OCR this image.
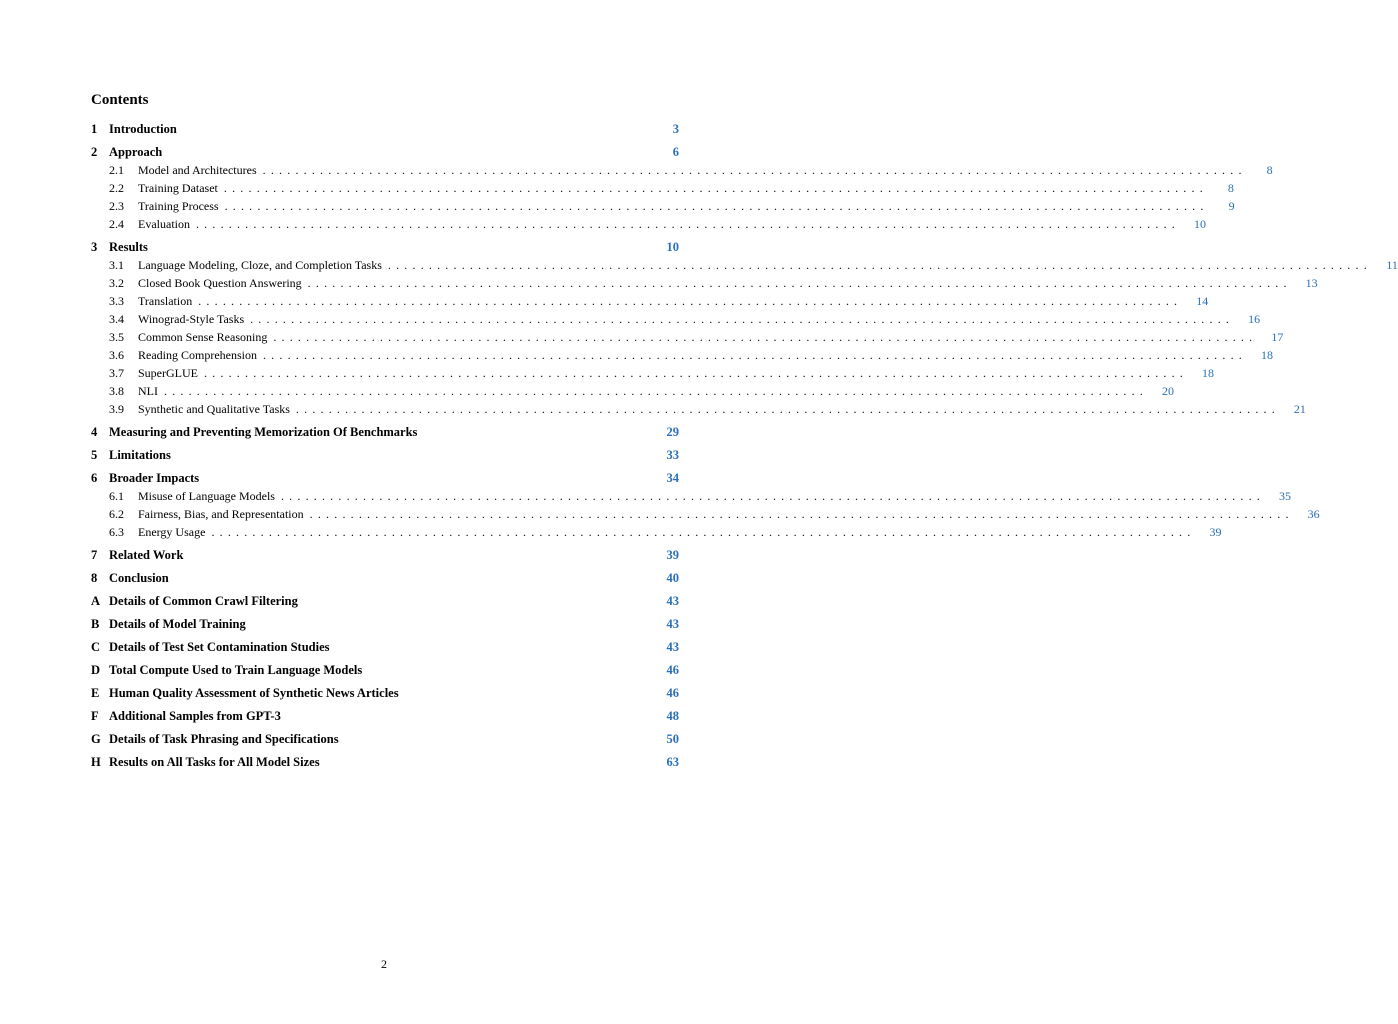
Contents
1 Introduction	3
2 Approach	6
2.1	Model and Architectures ........................................................................................................................	8
2.2	Training Dataset ........................................................................................................................	8
2.3	Training Process ........................................................................................................................	9
2.4	Evaluation ........................................................................................................................	10
3 Results	10
3.1	Language Modeling, Cloze, and Completion Tasks ........................................................................................................................	11
3.2	Closed Book Question Answering ........................................................................................................................	13
3.3	Translation ........................................................................................................................	14
3.4	Winograd-Style Tasks ........................................................................................................................	16
3.5	Common Sense Reasoning ........................................................................................................................	17
3.6	Reading Comprehension ........................................................................................................................	18
3.7	SuperGLUE ........................................................................................................................	18
3.8	NLI ........................................................................................................................	20
3.9	Synthetic and Qualitative Tasks ........................................................................................................................	21
4 Measuring and Preventing Memorization Of Benchmarks	29
5 Limitations	33
6 Broader Impacts	34
6.1	Misuse of Language Models ........................................................................................................................	35
6.2	Fairness, Bias, and Representation ........................................................................................................................	36
6.3	Energy Usage ........................................................................................................................	39
7 Related Work	39
8 Conclusion	40
A Details of Common Crawl Filtering	43
B Details of Model Training	43
C Details of Test Set Contamination Studies	43
D Total Compute Used to Train Language Models	46
E Human Quality Assessment of Synthetic News Articles	46
F Additional Samples from GPT-3	48
G Details of Task Phrasing and Specifications	50
H Results on All Tasks for All Model Sizes	63
2
